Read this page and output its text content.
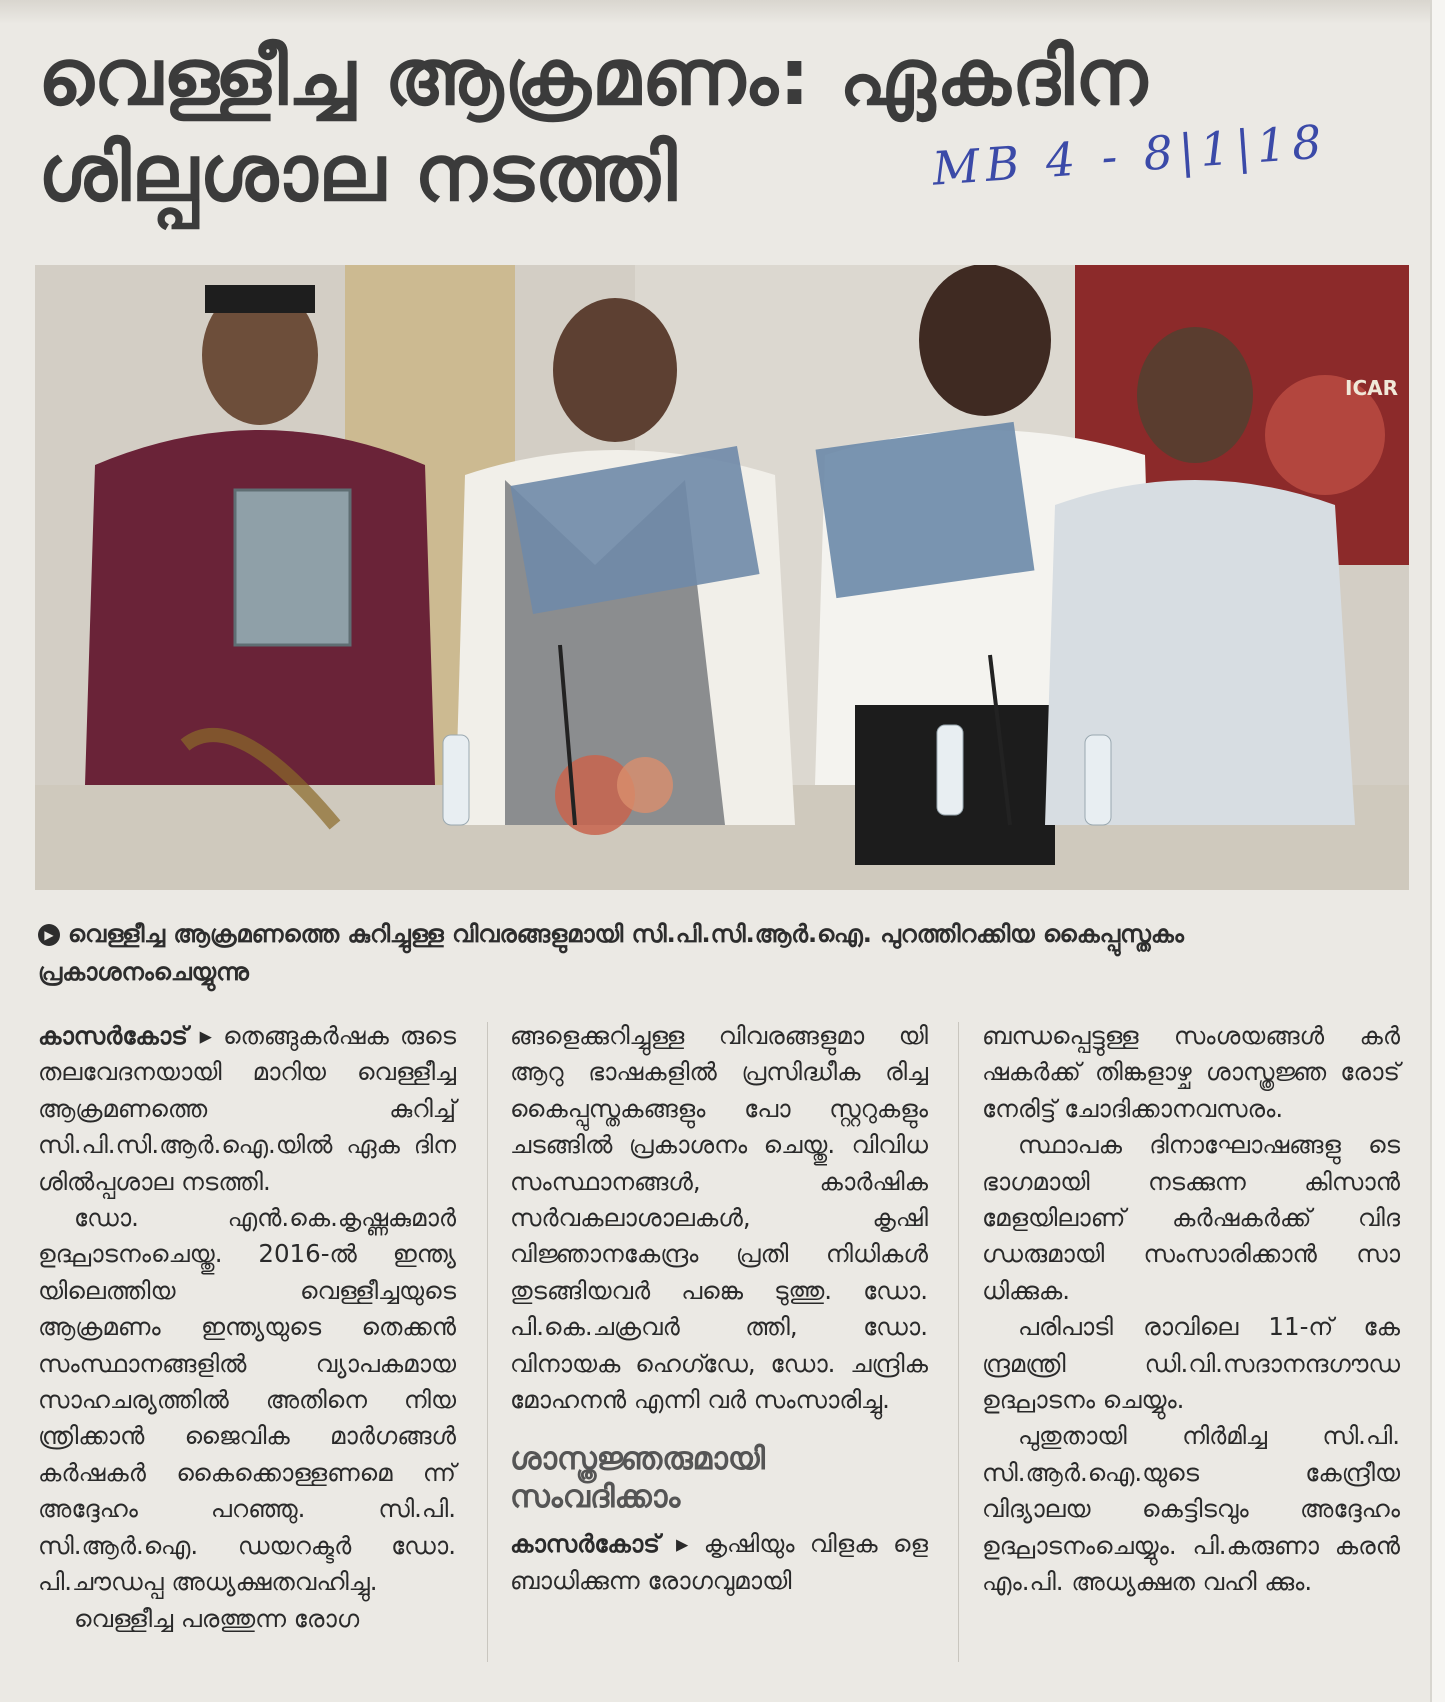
വെള്ളീച്ച ആക്രമണം: ഏകദിന ശില്പശാല നടത്തി	MB 4 - 8|1|18
ICAR
▶ വെള്ളീച്ച ആക്രമണത്തെ കുറിച്ചുള്ള വിവരങ്ങളുമായി സി.പി.സി.ആർ.ഐ. പുറത്തിറക്കിയ കൈപ്പുസ്തകം പ്രകാശനംചെയ്യുന്നു

കാസർകോട് ▸ തെങ്ങുകർഷക രുടെ തലവേദനയായി മാറിയ വെള്ളീച്ച ആക്രമണത്തെ കുറിച്ച് സി.പി.സി.ആർ.ഐ.യിൽ ഏക ദിന ശിൽപ്പശാല നടത്തി.

ഡോ. എൻ.കെ.കൃഷ്ണകുമാർ ഉദ്ഘാടനംചെയ്തു. 2016-ൽ ഇന്ത്യ യിലെത്തിയ വെള്ളീച്ചയുടെ ആക്രമണം ഇന്ത്യയുടെ തെക്കൻ സംസ്ഥാനങ്ങളിൽ വ്യാപകമായ സാഹചര്യത്തിൽ അതിനെ നിയ ന്ത്രിക്കാൻ ജൈവിക മാർഗങ്ങൾ കർഷകർ കൈക്കൊള്ളണമെ ന്ന് അദ്ദേഹം പറഞ്ഞു. സി.പി. സി.ആർ.ഐ. ഡയറക്ടർ ഡോ. പി.ചൗഡപ്പ അധ്യക്ഷതവഹിച്ചു.

വെള്ളീച്ച പരത്തുന്ന രോഗ

ങ്ങളെക്കുറിച്ചുള്ള വിവരങ്ങളുമാ യി ആറു ഭാഷകളിൽ പ്രസിദ്ധീക രിച്ച കൈപ്പുസ്തകങ്ങളും പോ സ്റ്ററുകളും ചടങ്ങിൽ പ്രകാശനം ചെയ്തു. വിവിധ സംസ്ഥാനങ്ങൾ, കാർഷിക സർവകലാശാലകൾ, കൃഷി വിജ്ഞാനകേന്ദ്രം പ്രതി നിധികൾ തുടങ്ങിയവർ പങ്കെ ടുത്തു. ഡോ. പി.കെ.ചക്രവർ ത്തി, ഡോ. വിനായക ഹെഗ്ഡേ, ഡോ. ചന്ദ്രിക മോഹനൻ എന്നി വർ സംസാരിച്ചു.

ശാസ്ത്രജ്ഞരുമായി സംവദിക്കാം

കാസർകോട് ▸ കൃഷിയും വിളക ളെ ബാധിക്കുന്ന രോഗവുമായി

ബന്ധപ്പെട്ടുള്ള സംശയങ്ങൾ കർ ഷകർക്ക് തിങ്കളാഴ്ച ശാസ്ത്രജ്ഞ രോട് നേരിട്ട് ചോദിക്കാനവസരം.

സ്ഥാപക ദിനാഘോഷങ്ങളു ടെ ഭാഗമായി നടക്കുന്ന കിസാൻ മേളയിലാണ് കർഷകർക്ക് വിദ ഗ്ധരുമായി സംസാരിക്കാൻ സാ ധിക്കുക.

പരിപാടി രാവിലെ 11-ന് കേ ന്ദ്രമന്ത്രി ഡി.വി.സദാനന്ദഗൗഡ ഉദ്ഘാടനം ചെയ്യും.

പുതുതായി നിർമിച്ച സി.പി. സി.ആർ.ഐ.യുടെ കേന്ദ്രീയ വിദ്യാലയ കെട്ടിടവും അദ്ദേഹം ഉദ്ഘാടനംചെയ്യും. പി.കരുണാ കരൻ എം.പി. അധ്യക്ഷത വഹി ക്കും.
